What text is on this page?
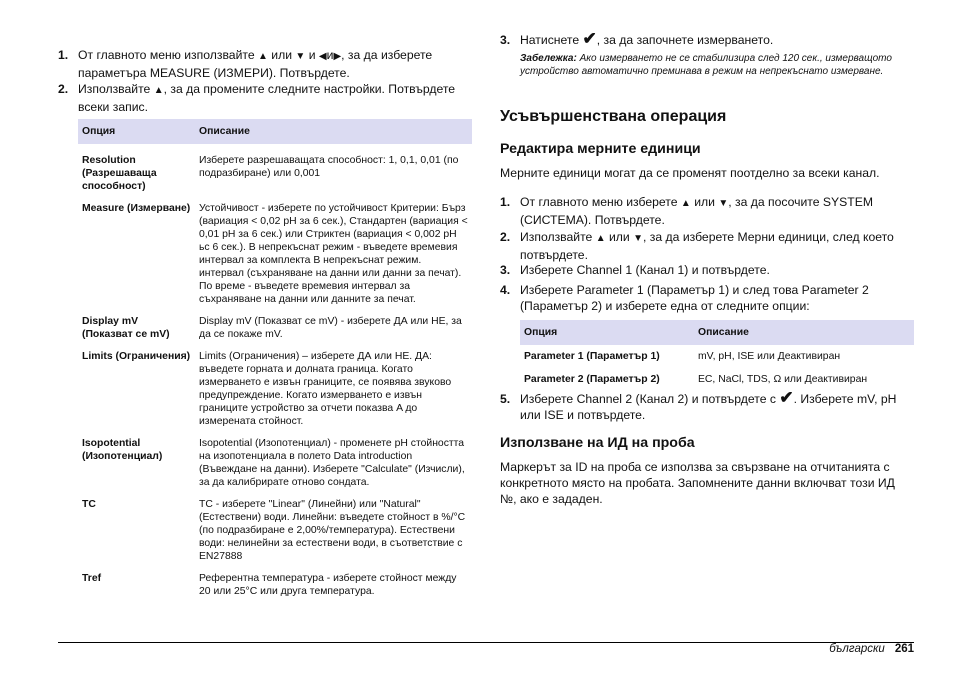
1. От главното меню използвайте ▲ или ▼ и ◀и▶, за да изберете параметъра MEASURE (ИЗМЕРИ). Потвърдете.
2. Използвайте ▲, за да промените следните настройки. Потвърдете всеки запис.
Опция	Описание
Resolution (Разрешаваща способност)	Изберете разрешаващата способност: 1, 0,1, 0,01 (по подразбиране) или 0,001
Measure (Измерване)	Устойчивост - изберете по устойчивост Критерии: Бърз (вариация < 0,02 pH за 6 сек.), Стандартен (вариация < 0,01 pH за 6 сек.) или Стриктен (вариация < 0,002 pH ьс 6 сек.). В непрекъснат режим - въведете времевия интервал за комплекта В непрекъснат режим. интервал (съхраняване на данни или данни за печат). По време - въведете времевия интервал за съхраняване на данни или данните за печат.
Display mV (Показват се mV)	Display mV (Показват се mV) - изберете ДА или НЕ, за да се покаже mV.
Limits (Ограничения)	Limits (Ограничения) – изберете ДА или НЕ. ДА: въведете горната и долната граница. Когато измерването е извън границите, се появява звуково предупреждение. Когато измерването е извън границите устройство за отчети показва A до измерената стойност.
Isopotential (Изопотенциал)	Isopotential (Изопотенциал) - променете pH стойността на изопотенциала в полето Data introduction (Въвеждане на данни). Изберете "Calculate" (Изчисли), за да калибрирате отново сондата.
TC	TC - изберете "Linear" (Линейни) или "Natural" (Естествени) води. Линейни: въведете стойност в %/°C (по подразбиране е 2,00%/температура). Естествени води: нелинейни за естествени води, в съответствие с EN27888
Tref	Референтна температура - изберете стойност между 20 или 25°C или друга температура.
3. Натиснете ✔, за да започнете измерването.
Забележка: Ако измерването не се стабилизира след 120 сек., измерващото устройство автоматично преминава в режим на непрекъснато измерване.
Усъвършенствана операция
Редактира мерните единици

Мерните единици могат да се променят поотделно за всеки канал.

1. От главното меню изберете ▲ или ▼, за да посочите SYSTEM (СИСТЕМА). Потвърдете.
2. Използвайте ▲ или ▼, за да изберете Мерни единици, след което потвърдете.
3. Изберете Channel 1 (Канал 1) и потвърдете.
4. Изберете Parameter 1 (Параметър 1) и след това Parameter 2 (Параметър 2) и изберете една от следните опции:
Опция	Описание
Parameter 1 (Параметър 1)	mV, pH, ISE или Деактивиран
Parameter 2 (Параметър 2)	EC, NaCl, TDS, Ω или Деактивиран
5. Изберете Channel 2 (Канал 2) и потвърдете с ✔. Изберете mV, pH или ISE и потвърдете.
Използване на ИД на проба

Маркерът за ID на проба се използва за свързване на отчитанията с конкретното място на пробата. Запомнените данни включват този ИД №, ако е зададен.

български 261
